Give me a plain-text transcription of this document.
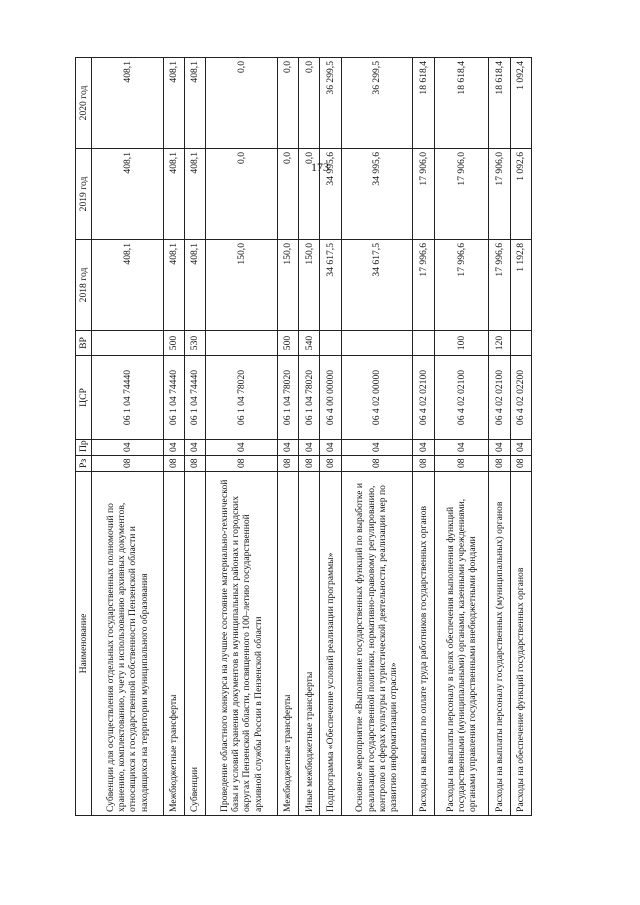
173
Наименование	Рз	Пр	ЦСР	ВР	2018 год	2019 год	2020 год
Субвенции для осуществления отдельных государственных полномочий по хранению, комплектованию, учету и использованию архивных документов, относящихся к государственной собственности Пензенской области и находящихся на территории муниципального образования	08	04	06 1 04 74440		408,1	408,1	408,1
Межбюджетные трансферты	08	04	06 1 04 74440	500	408,1	408,1	408,1
Субвенции	08	04	06 1 04 74440	530	408,1	408,1	408,1
Проведение областного конкурса на лучшее состояние материально-технической базы и условий хранения документов в муниципальных районах и городских округах Пензенской области, посвященного 100–летию государственной архивной службы России в Пензенской области	08	04	06 1 04 78020		150,0	0,0	0,0
Межбюджетные трансферты	08	04	06 1 04 78020	500	150,0	0,0	0,0
Иные межбюджетные трансферты	08	04	06 1 04 78020	540	150,0	0,0	0,0
Подпрограмма «Обеспечение условий реализации программы»	08	04	06 4 00 00000		34 617,5	34 995,6	36 299,5
Основное мероприятие «Выполнение государственных функций по выработке и реализации государственной политики, нормативно-правовому регулированию, контролю в сферах культуры и туристической деятельности, реализации мер по развитию информатизации отрасли»	08	04	06 4 02 00000		34 617,5	34 995,6	36 299,5
Расходы на выплаты по оплате труда работников государственных органов	08	04	06 4 02 02100		17 996,6	17 906,0	18 618,4
Расходы на выплаты персоналу в целях обеспечения выполнения функций государственными (муниципальными) органами, казенными учреждениями, органами управления государственными внебюджетными фондами	08	04	06 4 02 02100	100	17 996,6	17 906,0	18 618,4
Расходы на выплаты персоналу государственных (муниципальных) органов	08	04	06 4 02 02100	120	17 996,6	17 906,0	18 618,4
Расходы на обеспечение функций государственных органов	08	04	06 4 02 02200		1 192,8	1 092,6	1 092,4
